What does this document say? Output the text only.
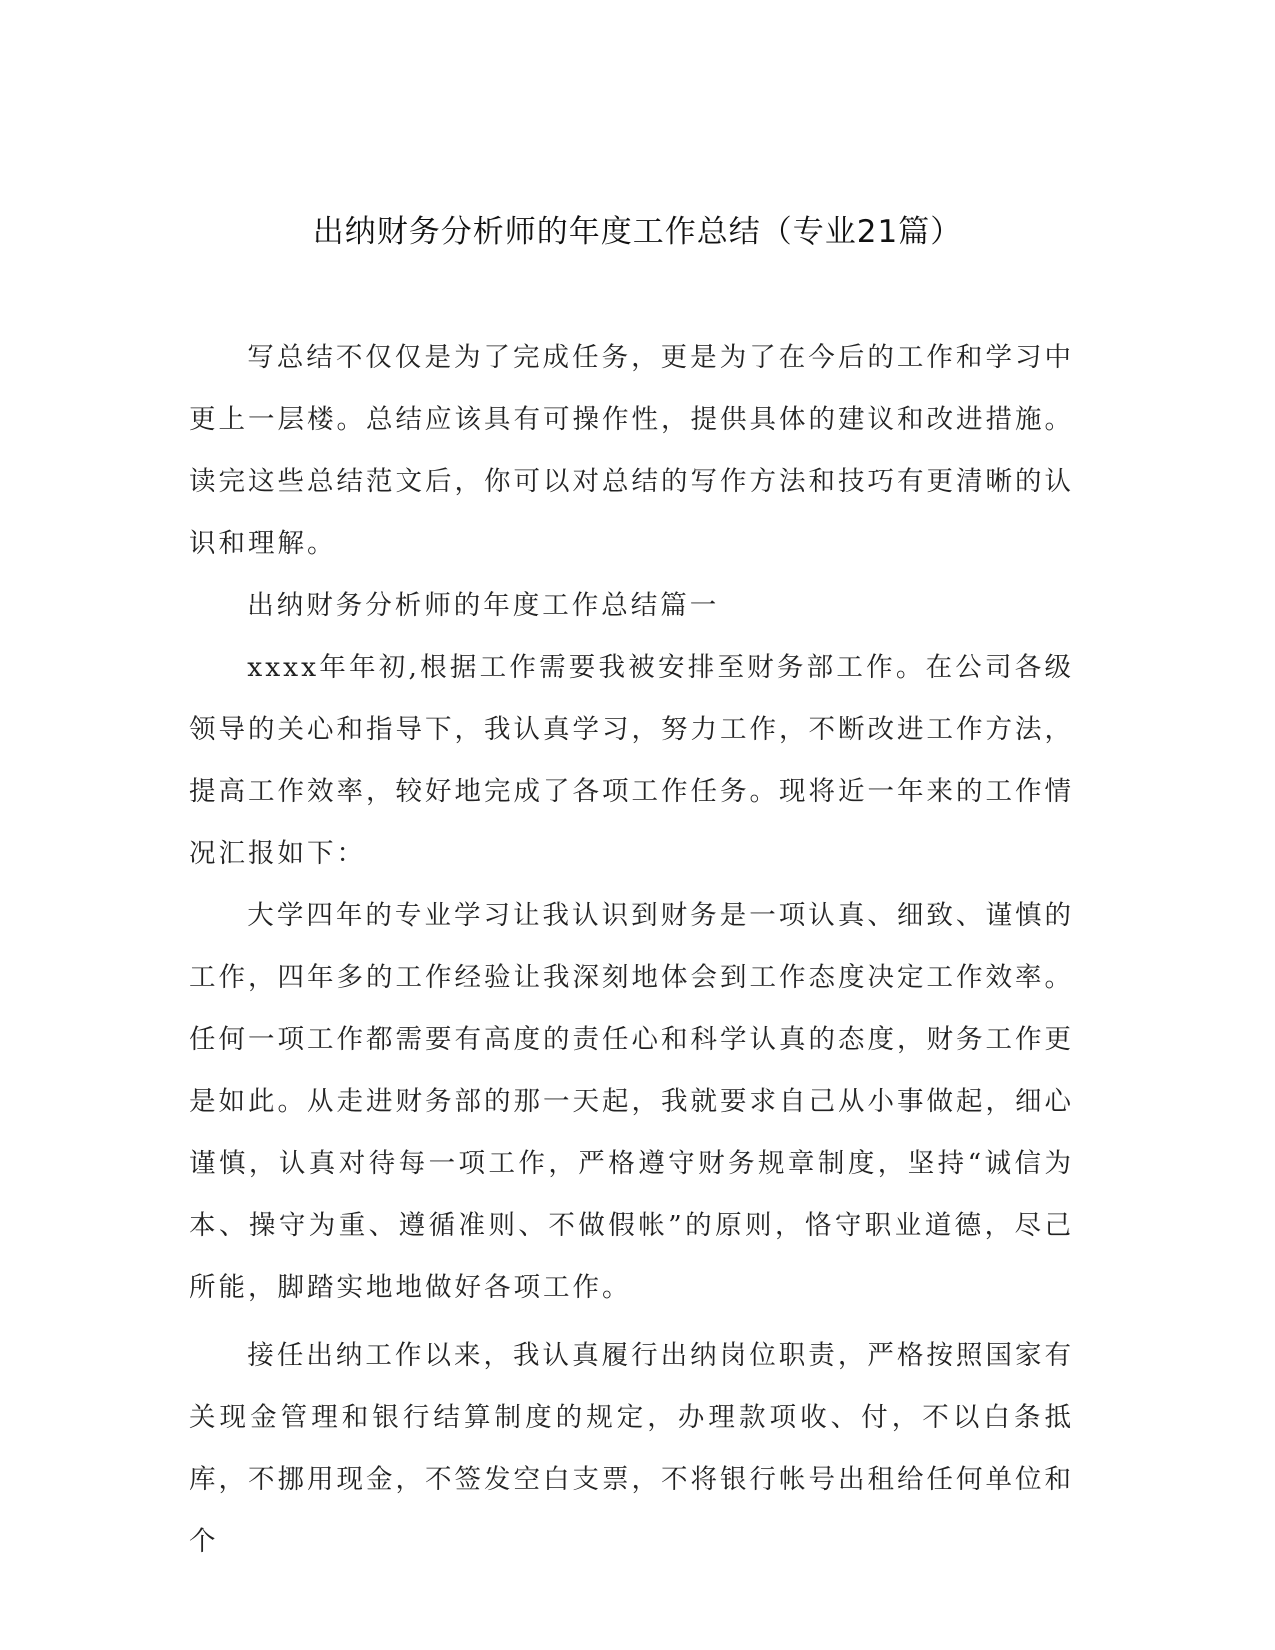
出纳财务分析师的年度工作总结（专业21篇）

写总结不仅仅是为了完成任务，更是为了在今后的工作和学习中更上一层楼。总结应该具有可操作性，提供具体的建议和改进措施。读完这些总结范文后，你可以对总结的写作方法和技巧有更清晰的认识和理解。

出纳财务分析师的年度工作总结篇一

xxxx年年初,根据工作需要我被安排至财务部工作。在公司各级领导的关心和指导下，我认真学习，努力工作，不断改进工作方法，提高工作效率，较好地完成了各项工作任务。现将近一年来的工作情况汇报如下：

大学四年的专业学习让我认识到财务是一项认真、细致、谨慎的工作，四年多的工作经验让我深刻地体会到工作态度决定工作效率。任何一项工作都需要有高度的责任心和科学认真的态度，财务工作更是如此。从走进财务部的那一天起，我就要求自己从小事做起，细心谨慎，认真对待每一项工作，严格遵守财务规章制度，坚持“诚信为本、操守为重、遵循准则、不做假帐”的原则，恪守职业道德，尽己所能，脚踏实地地做好各项工作。

接任出纳工作以来，我认真履行出纳岗位职责，严格按照国家有关现金管理和银行结算制度的规定，办理款项收、付，不以白条抵库，不挪用现金，不签发空白支票，不将银行帐号出租给任何单位和个
